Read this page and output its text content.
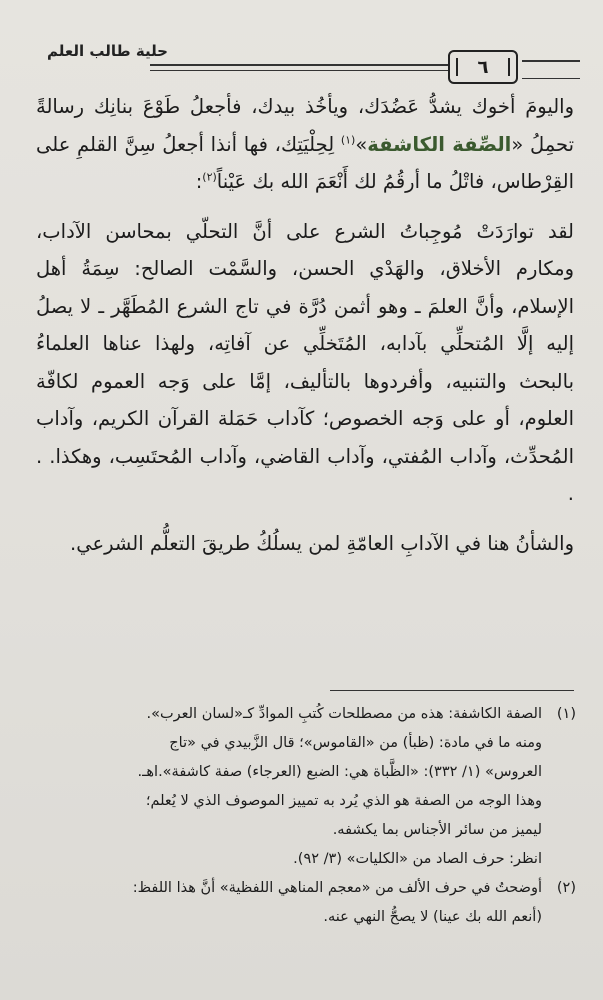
حلية طالب العلم
٦

واليومَ أخوك يشدُّ عَضُدَك، ويأخُذ بيدك، فأجعلُ طَوْعَ بنانِك رسالةً تحمِلُ «الصِّفة الكاشفة»$^{(١)}$ لِحِلْيَتِك، فها أنذا أجعلُ سِنَّ القلمِ على القِرْطاس، فاتْلُ ما أرقُمُ لك أَنْعَمَ الله بك عَيْناً$^{(٢)}$:

لقد توارَدَتْ مُوجِباتُ الشرع على أنَّ التحلّي بمحاسن الآداب، ومكارم الأخلاق، والهَدْي الحسن، والسَّمْت الصالح: سِمَةُ أهل الإسلام، وأنَّ العلمَ ـ وهو أثمن دُرَّة في تاج الشرع المُطَهَّر ـ لا يصلُ إليه إلَّا المُتحلِّي بآدابه، المُتَخلِّي عن آفاتِه، ولهذا عناها العلماءُ بالبحث والتنبيه، وأفردوها بالتأليف، إمَّا على وَجه العموم لكافّة العلوم، أو على وَجه الخصوص؛ كآداب حَمَلة القرآن الكريم، وآداب المُحدِّث، وآداب المُفتي، وآداب القاضي، وآداب المُحتَسِب، وهكذا. . .

والشأنُ هنا في الآدابِ العامّةِ لمن يسلُكُ طريقَ التعلُّم الشرعي.

(١)

الصفة الكاشفة: هذه من مصطلحات كُتبِ الموادِّ كـ«لسان العرب».

ومنه ما في مادة: (ظبأ) من «القاموس»؛ قال الزَّبيدي في «تاج

العروس» (١/ ٣٣٢): «الظَّباة هي: الضبع (العرجاء) صفة كاشفة».اهـ.

وهذا الوجه من الصفة هو الذي يُرد به تمييز الموصوف الذي لا يُعلم؛

ليميز من سائر الأجناس بما يكشفه.

انظر: حرف الصاد من «الكليات» (٣/ ٩٢).

(٢)

أوضحتُ في حرف الألف من «معجم المناهي اللفظية» أنَّ هذا اللفظ:

(أنعم الله بك عينا) لا يصحُّ النهي عنه.
